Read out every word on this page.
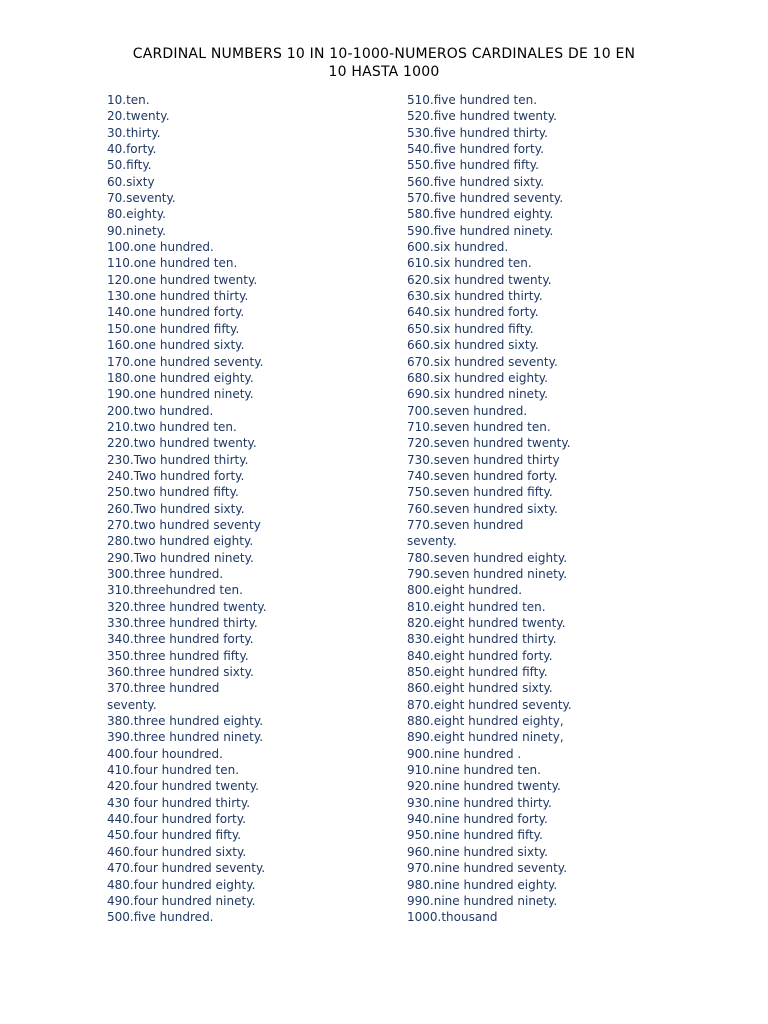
CARDINAL NUMBERS 10 IN 10-1000-NUMEROS CARDINALES DE 10 EN
10 HASTA 1000
10.ten.
20.twenty.
30.thirty.
40.forty.
50.fifty.
60.sixty
70.seventy.
80.eighty.
90.ninety.
100.one hundred.
110.one hundred ten.
120.one hundred twenty.
130.one hundred thirty.
140.one hundred forty.
150.one hundred fifty.
160.one hundred sixty.
170.one hundred seventy.
180.one hundred eighty.
190.one hundred ninety.
200.two hundred.
210.two hundred ten.
220.two hundred twenty.
230.Two hundred thirty.
240.Two hundred forty.
250.two hundred fifty.
260.Two hundred sixty.
270.two hundred seventy
280.two hundred eighty.
290.Two hundred ninety.
300.three hundred.
310.threehundred ten.
320.three hundred twenty.
330.three hundred thirty.
340.three hundred forty.
350.three hundred fifty.
360.three hundred sixty.
370.three hundred
seventy.
380.three hundred eighty.
390.three hundred ninety.
400.four houndred.
410.four hundred ten.
420.four hundred twenty.
430 four hundred thirty.
440.four hundred forty.
450.four hundred fifty.
460.four hundred sixty.
470.four hundred seventy.
480.four hundred eighty.
490.four hundred ninety.
500.five hundred.
510.five hundred ten.
520.five hundred twenty.
530.five hundred thirty.
540.five hundred forty.
550.five hundred fifty.
560.five hundred sixty.
570.five hundred seventy.
580.five hundred eighty.
590.five hundred ninety.
600.six hundred.
610.six hundred ten.
620.six hundred twenty.
630.six hundred thirty.
640.six hundred forty.
650.six hundred fifty.
660.six hundred sixty.
670.six hundred seventy.
680.six hundred eighty.
690.six hundred ninety.
700.seven hundred.
710.seven hundred ten.
720.seven hundred twenty.
730.seven hundred thirty
740.seven hundred forty.
750.seven hundred fifty.
760.seven hundred sixty.
770.seven hundred
seventy.
780.seven hundred eighty.
790.seven hundred ninety.
800.eight hundred.
810.eight hundred ten.
820.eight hundred twenty.
830.eight hundred thirty.
840.eight hundred forty.
850.eight hundred fifty.
860.eight hundred sixty.
870.eight hundred seventy.
880.eight hundred eighty,
890.eight hundred ninety,
900.nine hundred .
910.nine hundred ten.
920.nine hundred twenty.
930.nine hundred thirty.
940.nine hundred forty.
950.nine hundred fifty.
960.nine hundred sixty.
970.nine hundred seventy.
980.nine hundred eighty.
990.nine hundred ninety.
1000.thousand
